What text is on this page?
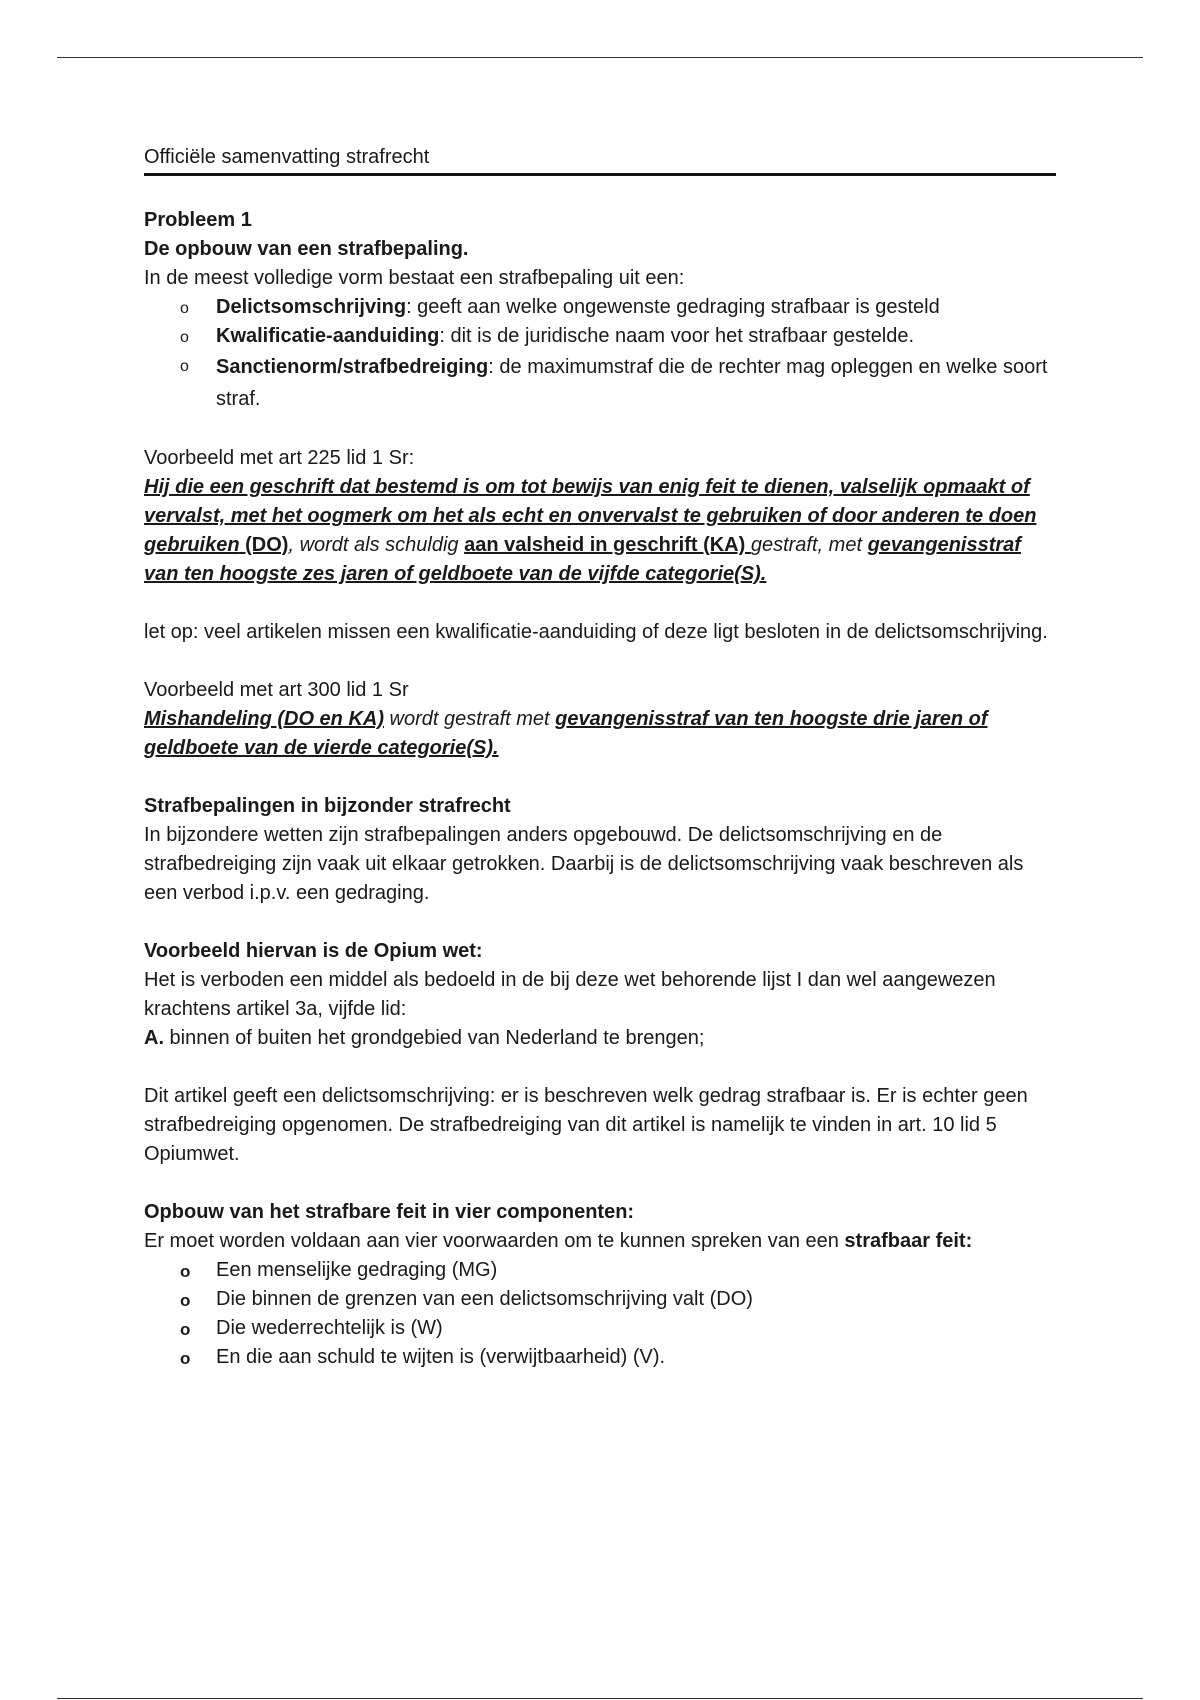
Officiële samenvatting strafrecht

Probleem 1

De opbouw van een strafbepaling.

In de meest volledige vorm bestaat een strafbepaling uit een:

o Delictsomschrijving: geeft aan welke ongewenste gedraging strafbaar is gesteld
o Kwalificatie-aanduiding: dit is de juridische naam voor het strafbaar gestelde.
o Sanctienorm/strafbedreiging: de maximumstraf die de rechter mag opleggen en welke soort straf.

Voorbeeld met art 225 lid 1 Sr:

Hij die een geschrift dat bestemd is om tot bewijs van enig feit te dienen, valselijk opmaakt of vervalst, met het oogmerk om het als echt en onvervalst te gebruiken of door anderen te doen gebruiken (DO), wordt als schuldig aan valsheid in geschrift (KA) gestraft, met gevangenisstraf van ten hoogste zes jaren of geldboete van de vijfde categorie(S).

let op: veel artikelen missen een kwalificatie-aanduiding of deze ligt besloten in de delictsomschrijving.

Voorbeeld met art 300 lid 1 Sr

Mishandeling (DO en KA) wordt gestraft met gevangenisstraf van ten hoogste drie jaren of geldboete van de vierde categorie(S).

Strafbepalingen in bijzonder strafrecht

In bijzondere wetten zijn strafbepalingen anders opgebouwd. De delictsomschrijving en de strafbedreiging zijn vaak uit elkaar getrokken. Daarbij is de delictsomschrijving vaak beschreven als een verbod i.p.v. een gedraging.

Voorbeeld hiervan is de Opium wet:

Het is verboden een middel als bedoeld in de bij deze wet behorende lijst I dan wel aangewezen krachtens artikel 3a, vijfde lid:

A. binnen of buiten het grondgebied van Nederland te brengen;

Dit artikel geeft een delictsomschrijving: er is beschreven welk gedrag strafbaar is. Er is echter geen strafbedreiging opgenomen. De strafbedreiging van dit artikel is namelijk te vinden in art. 10 lid 5 Opiumwet.

Opbouw van het strafbare feit in vier componenten:

Er moet worden voldaan aan vier voorwaarden om te kunnen spreken van een strafbaar feit:

o Een menselijke gedraging (MG)
o Die binnen de grenzen van een delictsomschrijving valt (DO)
o Die wederrechtelijk is (W)
o En die aan schuld te wijten is (verwijtbaarheid) (V).
